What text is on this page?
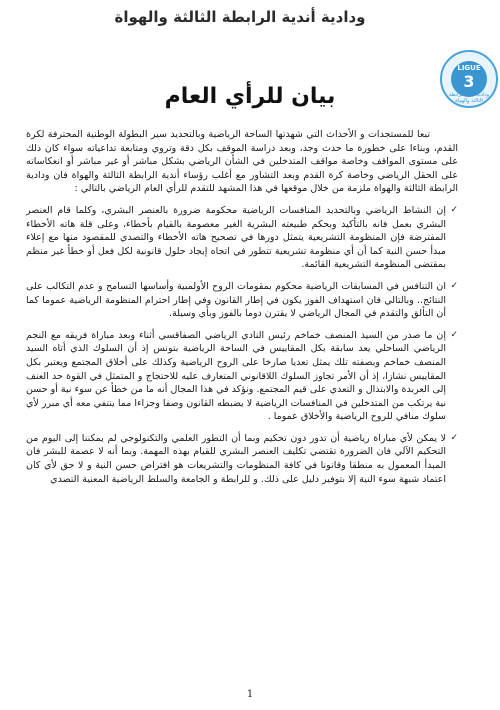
ودادية أندية الرابطة الثالثة والهواة
LIGUE
3
ودادية أندية الرابطة الثالثة والهواة
بيان للرأي العام

تبعا للمستجدات و الأحداث التي شهدتها الساحة الرياضية وبالتحديد سير البطولة الوطنية المحترفة لكرة القدم، وبناءا على خطورة ما حدث وجد، وبعد دراسة الموقف بكل دقة وتروي ومتابعة تداعياته سواء كان ذلك على مستوى المواقف وخاصة مواقف المتدخلين في الشأن الرياضي بشكل مباشر أو غير مباشر أو انعكاساته على الحقل الرياضي وخاصة كرة القدم وبعد التشاور مع أغلب رؤساء أندية الرابطة الثالثة والهواة فان ودادية الرابطة الثالثة والهواة ملزمة من خلال موقعها في هذا المشهد للتقدم للرأي العام الرياضي بالتالي :

✓
إن النشاط الرياضي وبالتحديد المنافسات الرياضية محكومة ضرورة بالعنصر البشري، وكلما قام العنصر البشري بعمل فانه بالتأكيد وبحكم طبيعته البشرية الغير معصومة بالقيام بأخطاء، وعلى قلة هاته الأخطاء المفترضة فإن المنظومة التشريعية يتمثل دورها في تصحيح هاته الأخطاء والتصدي للمقصود منها مع إعلاء مبدأ حسن النية كما أن أي منظومة تشريعية تتطور في اتجاه إيجاد حلول قانونية لكل فعل أو خطأ غير منظم بمقتضى المنظومة التشريعية القائمة.
✓
ان التنافس في المسابقات الرياضية محكوم بمقومات الروح الأولمبية وأساسها التسامح و عدم التكالب على النتائج.. وبالتالي فان استهداف الفوز يكون في إطار القانون وفي إطار احترام المنظومة الرياضية عموما كما أن التألق والتقدم في المجال الرياضي لا يقترن دوما بالفوز وبأي وسيلة.
✓
إن ما صدر من السيد المنصف خماخم رئيس النادي الرياضي الصفاقسي أثناء وبعد مباراة فريقه مع النجم الرياضي الساحلي يعد سابقة بكل المقاييس في الساحة الرياضية بتونس إذ أن السلوك الذي أتاه السيد المنصف خماخم وبصفته تلك يمثل تعديا صارخا على الروح الرياضية وكذلك على أخلاق المجتمع ويعتبر بكل المقاييس نشازا، إذ أن الأمر تجاوز السلوك اللاقانوني المتعارف عليه للاحتجاج و المتمثل في القوة حد العنف إلى العربدة والابتذال و التعدي على قيم المجتمع. ونؤكد في هذا المجال أنه ما من خطأ عن سوء نية أو حسن نية يرتكب من المتدخلين في المنافسات الرياضية لا يضبطه القانون وصفا وجزاءا مما ينتفي معه أي مبرر لأي سلوك منافي للروح الرياضية والأخلاق عموما .
✓
لا يمكن لأي مباراة رياضية أن تدور دون تحكيم وبما أن التطور العلمي والتكنولوجي لم يمكننا إلى اليوم من التحكيم الآلي فان الضرورة تقتضي تكليف العنصر البشري للقيام بهذه المهمة. وبما أنه لا عصمة للبشر فان المبدأ المعمول به منطقا وقانونا في كافة المنظومات والتشريعات هو افتراض حسن النية و لا حق لأي كان اعتماد شبهة سوء النية إلا بتوفير دليل على ذلك. و للرابطة و الجامعة والسلط الرياضية المعنية التصدي
1
